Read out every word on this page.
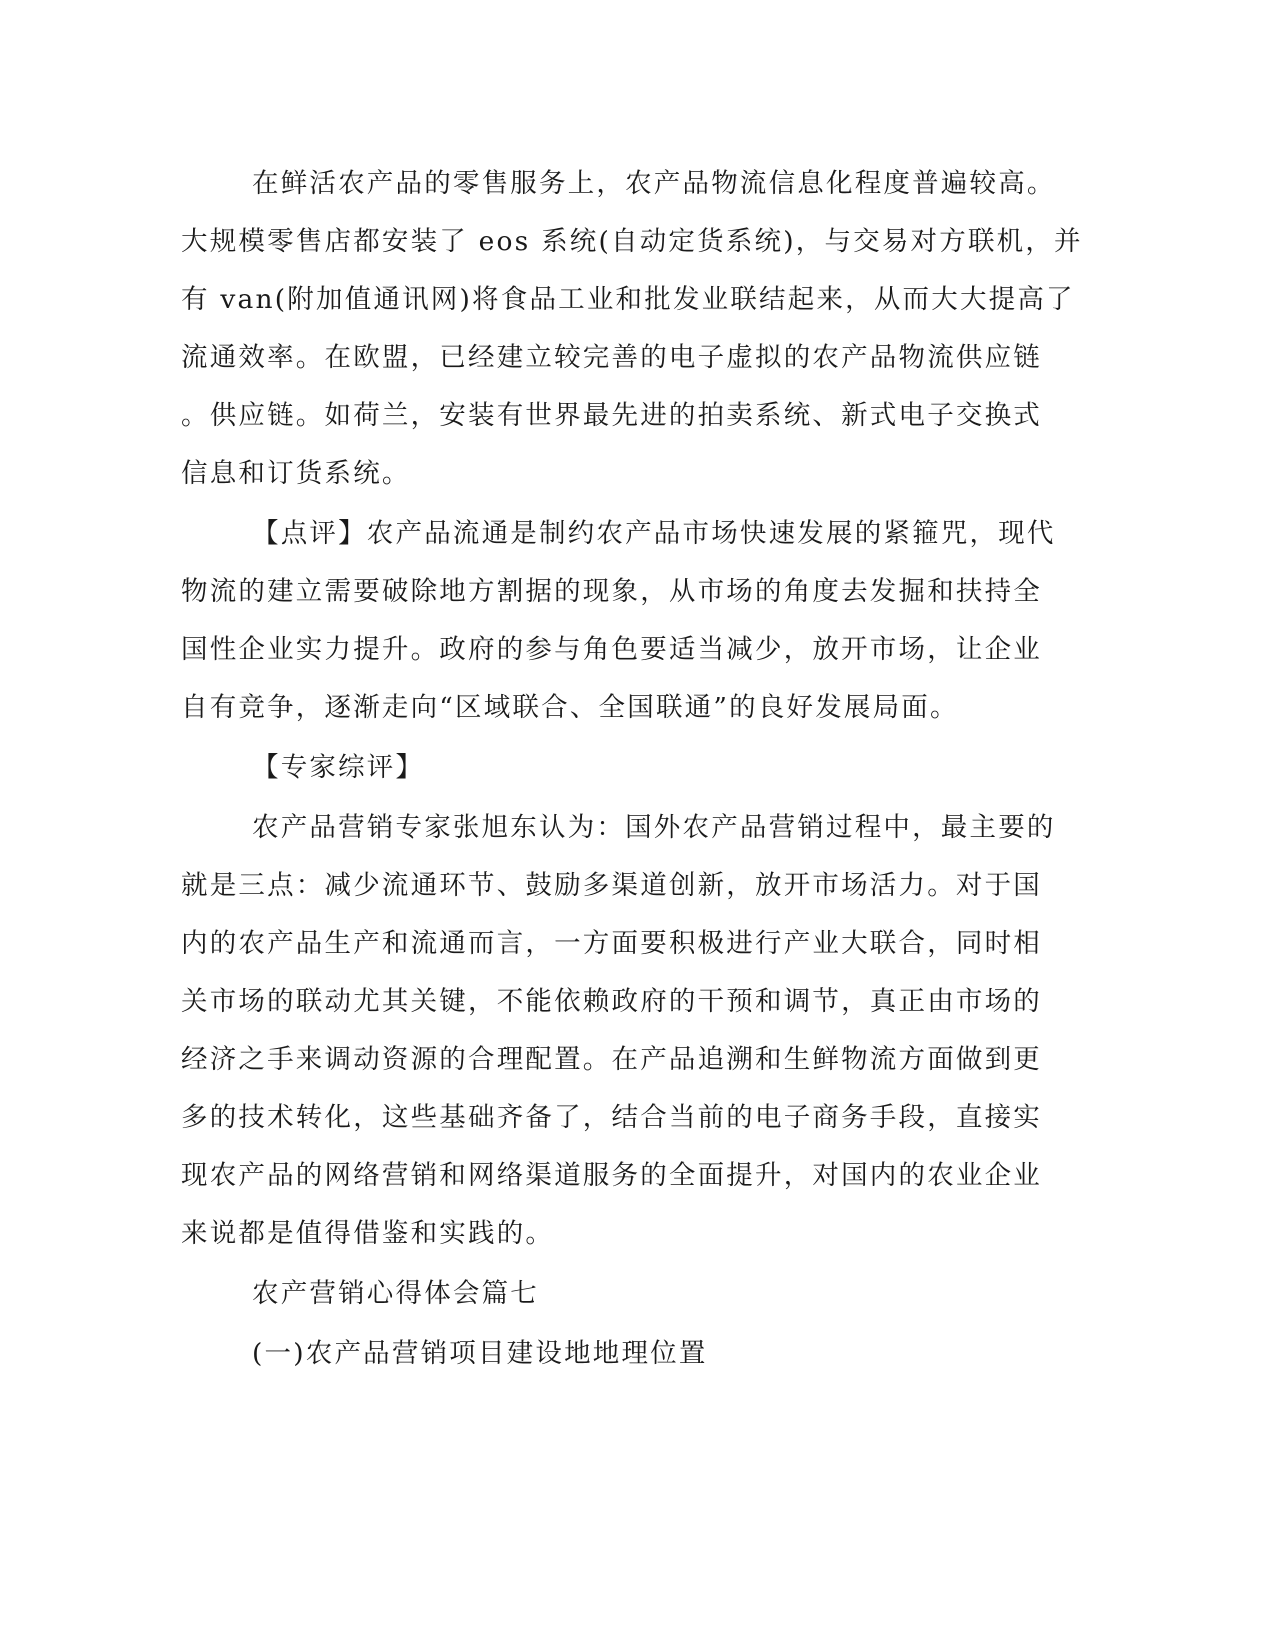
在鲜活农产品的零售服务上，农产品物流信息化程度普遍较高。
大规模零售店都安装了 eos 系统(自动定货系统)，与交易对方联机，并
有 van(附加值通讯网)将食品工业和批发业联结起来，从而大大提高了
流通效率。在欧盟，已经建立较完善的电子虚拟的农产品物流供应链
。供应链。如荷兰，安装有世界最先进的拍卖系统、新式电子交换式
信息和订货系统。
【点评】农产品流通是制约农产品市场快速发展的紧箍咒，现代
物流的建立需要破除地方割据的现象，从市场的角度去发掘和扶持全
国性企业实力提升。政府的参与角色要适当减少，放开市场，让企业
自有竞争，逐渐走向“区域联合、全国联通”的良好发展局面。
【专家综评】
农产品营销专家张旭东认为：国外农产品营销过程中，最主要的
就是三点：减少流通环节、鼓励多渠道创新，放开市场活力。对于国
内的农产品生产和流通而言，一方面要积极进行产业大联合，同时相
关市场的联动尤其关键，不能依赖政府的干预和调节，真正由市场的
经济之手来调动资源的合理配置。在产品追溯和生鲜物流方面做到更
多的技术转化，这些基础齐备了，结合当前的电子商务手段，直接实
现农产品的网络营销和网络渠道服务的全面提升，对国内的农业企业
来说都是值得借鉴和实践的。
农产营销心得体会篇七
(一)农产品营销项目建设地地理位置
